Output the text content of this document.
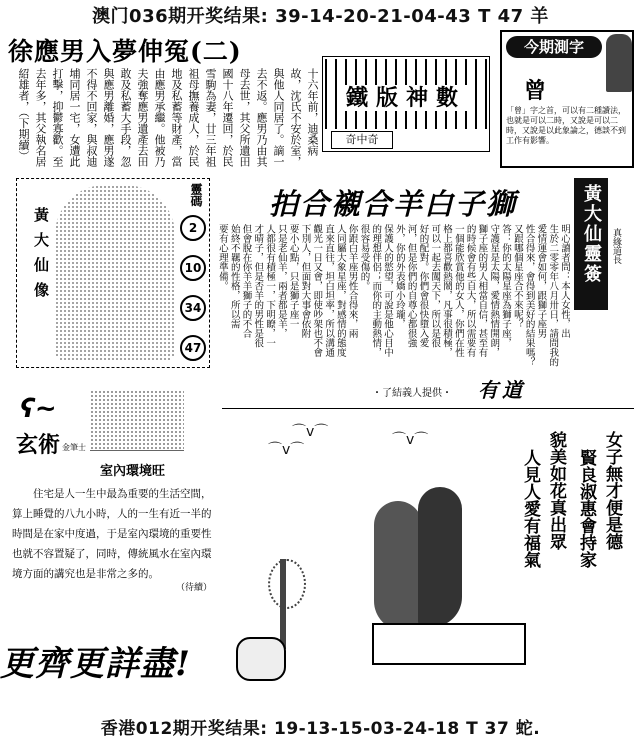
澳门036期开奖结果: 39-14-20-21-04-43 T 47 羊
徐應男入夢伸冤(二)
十六年前，迪桑病
故，沈氏不安於室，
與他人同居了。謫一
去不返。應男乃由其
母去世，其父所遺田
國十八年遷回，於民
雪駒為妻，廿三年祖
祖母撫養成人，於民
地及私蓄等財產，當
由應男承繼。他被乃
夫強奪應男遺產去田
敢及私蓄大手段，忽
與應男離婚，應男遂
不得不回家，與叔迪
埔同居一宅，女遭此
打擊，抑鬱寡歡。至
去年多，其父執名居
紹雄者，（下期續）	鐵版神數
奇中奇
今期測字
曾
「曾」字之首，可以有二種讀法，也就是可以二時，又說是可以二時，又說是以此象論之，德談不到工作有影響。
黃大仙像
靈碼
2
10
34
47
拍合襯合羊白子獅
明心讀者問：本人女性，出
生於二零零年八月卅日，請問我的
愛情運會如何，跟獅子座男
性合得來，會得到美好的結果嗎？
又跟哪個星座合不來呢？
答：你的太陽星座為獅子座，
守護星是太陽，愛情熱情開朗，
獅子座的男人相當自信，甚至有
的時候會有些自大，所以需要有
一個能欣賞他的女人，你們在性
格上都喜歡熱鬧，凡事很積極，
可以一起去闖天下，所以是很
好的配對。你們會很快墮入愛
河，但是你們的自尊心都很強
外，你的外表嬌小玲瓏，
保護人的慾望，可說是他心目中
的理想伴侶；而你的主動熱情，
很容易受傷的。
你跟白羊座男性合得來，兩
人同屬大象星座，對感情的態度
直來直往，坦白坦率，所以溝通
觀光一日又會，即使吵架也不會
下別人，但面對大事會依附
要小心點，只是獅子座一
只是老仙羊，兩者都是羊，
人都很有積極一，下明瞭，一
才晴子，但是否羊的男性是很
但會脫在你羊羊獅子的不合
始終不羈的性格，所以需
要有心理準備。	黃大仙靈簽 真緣道長
・了結義人提供・ 有道
ʕ~
玄術 金筆士
室內環境旺
住宅是人一生中最為重要的生活空間，算上睡覺的八九小時，人的一生有近一半的時間是在家中度過，于是室內環境的重要性也就不容置疑了，同時，傳統風水在室內環境方面的講究也是非常之多的。
（待續）
⌒v⌒
⌒v⌒	⌒v⌒	女子無才便是德
賢良淑惠會持家
貌美如花真出眾
人見人愛有福氣
更齊更詳盡!
香港012期开奖结果: 19-13-15-03-24-18 T 37 蛇.
